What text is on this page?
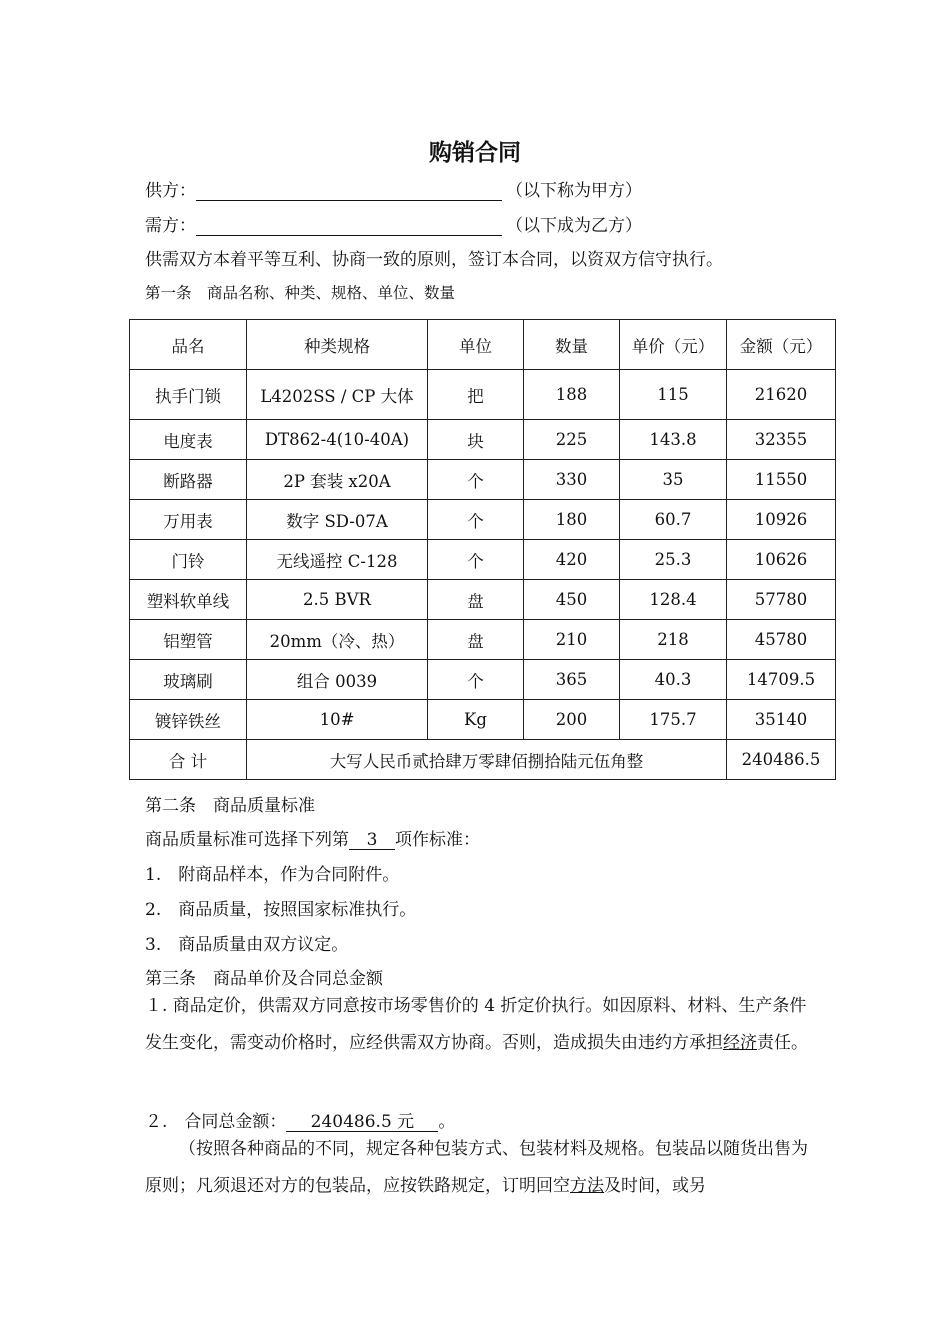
购销合同
供方：	（以下称为甲方）
需方：	（以下成为乙方）
供需双方本着平等互利、协商一致的原则，签订本合同，以资双方信守执行。
第一条　商品名称、种类、规格、单位、数量
品名	种类规格	单位	数量	单价（元）	金额（元）
执手门锁	L4202SS / CP 大体	把	188	115	21620
电度表	DT862-4(10-40A)	块	225	143.8	32355
断路器	2P 套装 x20A	个	330	35	11550
万用表	数字 SD-07A	个	180	60.7	10926
门铃	无线遥控 C-128	个	420	25.3	10626
塑料软单线	2.5 BVR	盘	450	128.4	57780
铝塑管	20mm（冷、热）	盘	210	218	45780
玻璃刷	组合 0039	个	365	40.3	14709.5
镀锌铁丝	10#	Kg	200	175.7	35140
合 计	大写人民币贰拾肆万零肆佰捌拾陆元伍角整				240486.5
第二条　商品质量标准
商品质量标准可选择下列第 3 项作标准：
1.　附商品样本，作为合同附件。
2.　商品质量，按照国家标准执行。
3.　商品质量由双方议定。
第三条　商品单价及合同总金额
１. 商品定价，供需双方同意按市场零售价的 4 折定价执行。如因原料、材料、生产条件发生变化，需变动价格时，应经供需双方协商。否则，造成损失由违约方承担经济责任。
２.　合同总金额： 240486.5 元 。
（按照各种商品的不同，规定各种包装方式、包装材料及规格。包装品以随货出售为原则；凡须退还对方的包装品，应按铁路规定，订明回空方法及时间，或另
